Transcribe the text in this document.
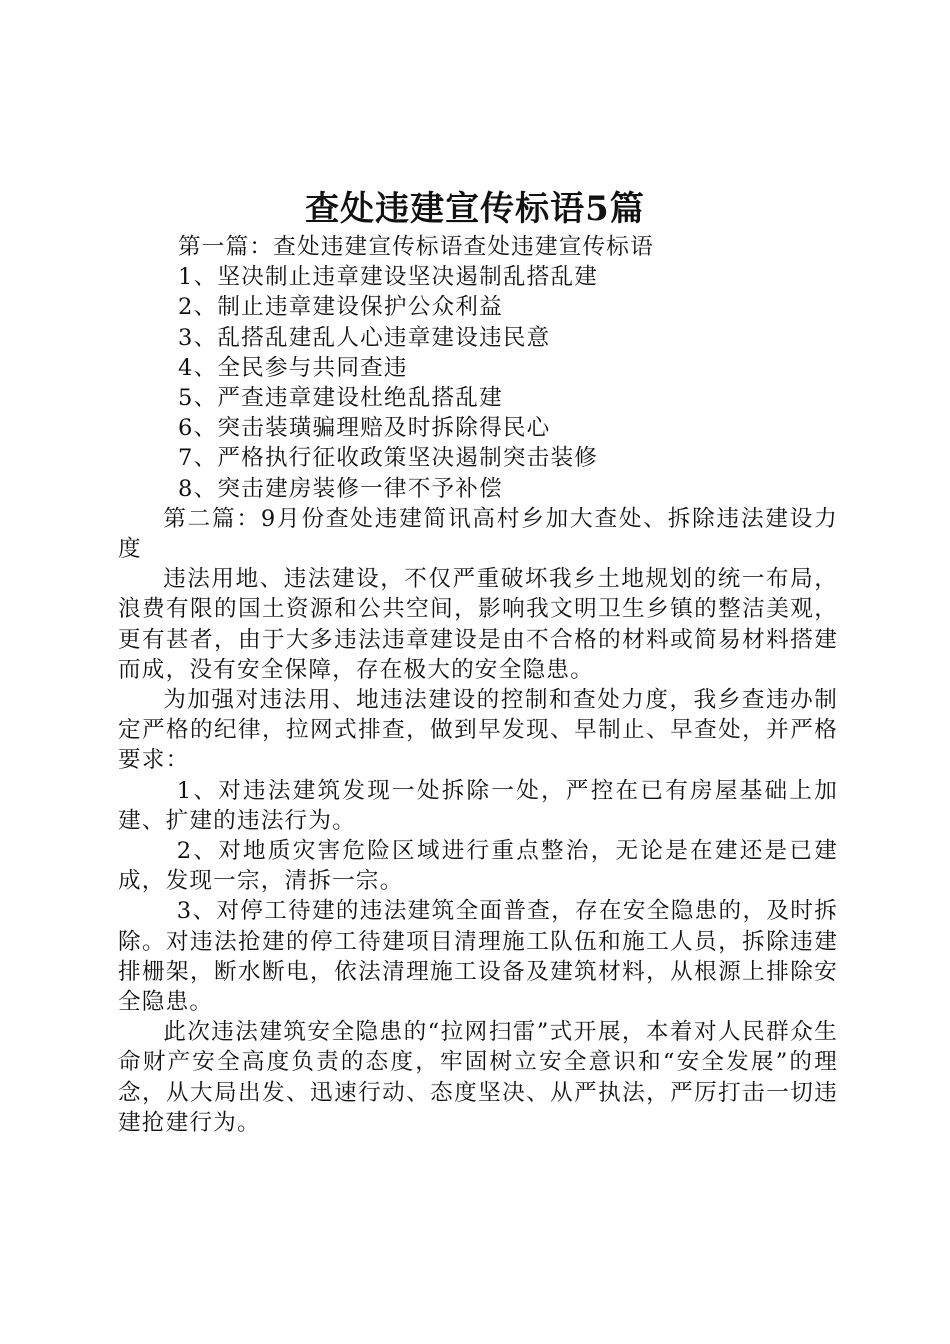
查处违建宣传标语5篇

第一篇：查处违建宣传标语查处违建宣传标语

1、坚决制止违章建设坚决遏制乱搭乱建

2、制止违章建设保护公众利益

3、乱搭乱建乱人心违章建设违民意

4、全民参与共同查违

5、严查违章建设杜绝乱搭乱建

6、突击装璜骗理赔及时拆除得民心

7、严格执行征收政策坚决遏制突击装修

8、突击建房装修一律不予补偿

第二篇：9月份查处违建简讯高村乡加大查处、拆除违法建设力度

违法用地、违法建设，不仅严重破坏我乡土地规划的统一布局，浪费有限的国土资源和公共空间，影响我文明卫生乡镇的整洁美观，更有甚者，由于大多违法违章建设是由不合格的材料或简易材料搭建而成，没有安全保障，存在极大的安全隐患。

为加强对违法用、地违法建设的控制和查处力度，我乡查违办制定严格的纪律，拉网式排查，做到早发现、早制止、早查处，并严格要求：

1、对违法建筑发现一处拆除一处，严控在已有房屋基础上加建、扩建的违法行为。

2、对地质灾害危险区域进行重点整治，无论是在建还是已建成，发现一宗，清拆一宗。

3、对停工待建的违法建筑全面普查，存在安全隐患的，及时拆除。对违法抢建的停工待建项目清理施工队伍和施工人员，拆除违建排栅架，断水断电，依法清理施工设备及建筑材料，从根源上排除安全隐患。

此次违法建筑安全隐患的“拉网扫雷”式开展，本着对人民群众生命财产安全高度负责的态度，牢固树立安全意识和“安全发展”的理念，从大局出发、迅速行动、态度坚决、从严执法，严厉打击一切违建抢建行为。
